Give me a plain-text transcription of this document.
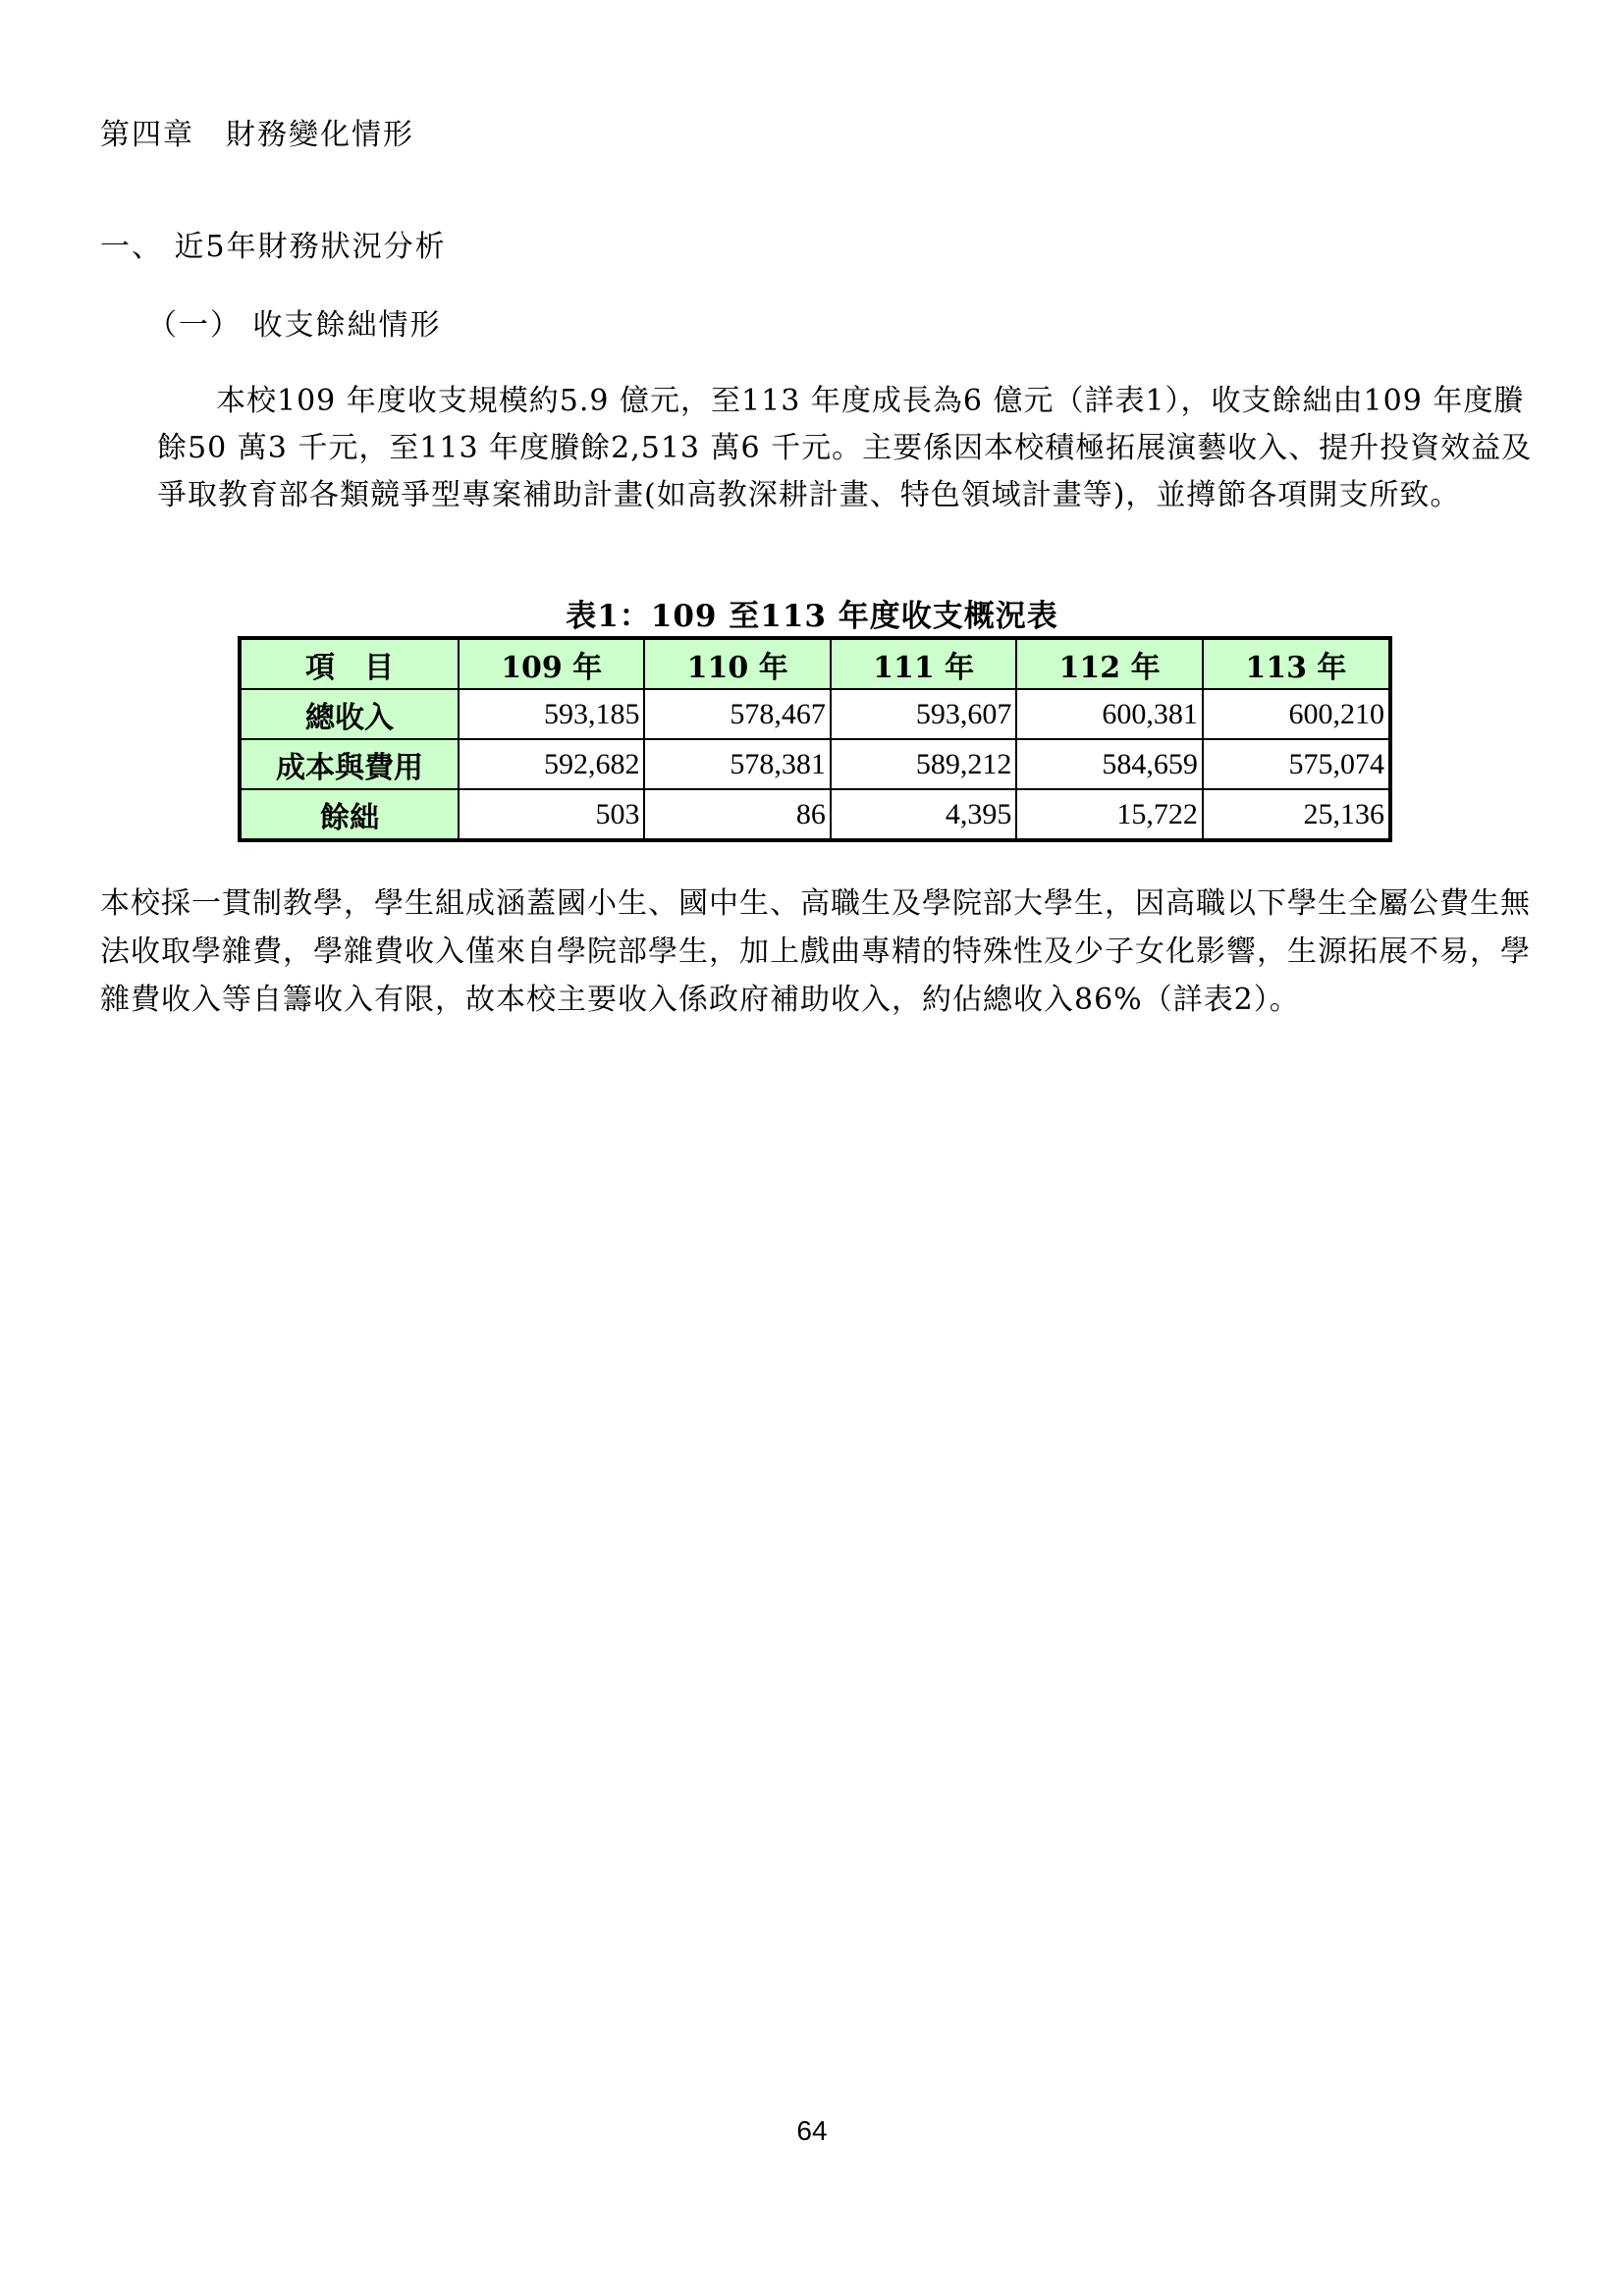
第四章　財務變化情形
一、 近5年財務狀況分析
（一） 收支餘絀情形
本校109 年度收支規模約5.9 億元，至113 年度成長為6 億元（詳表1），收支餘絀由109 年度賸餘50 萬3 千元，至113 年度賸餘2,513 萬6 千元。主要係因本校積極拓展演藝收入、提升投資效益及爭取教育部各類競爭型專案補助計畫(如高教深耕計畫、特色領域計畫等)，並撙節各項開支所致。
表1：109 至113 年度收支概況表
項　目	109 年	110 年	111 年	112 年	113 年
總收入	593,185	578,467	593,607	600,381	600,210
成本與費用	592,682	578,381	589,212	584,659	575,074
餘絀	503	86	4,395	15,722	25,136
本校採一貫制教學，學生組成涵蓋國小生、國中生、高職生及學院部大學生，因高職以下學生全屬公費生無法收取學雜費，學雜費收入僅來自學院部學生，加上戲曲專精的特殊性及少子女化影響，生源拓展不易，學雜費收入等自籌收入有限，故本校主要收入係政府補助收入，約佔總收入86%（詳表2）。
64
